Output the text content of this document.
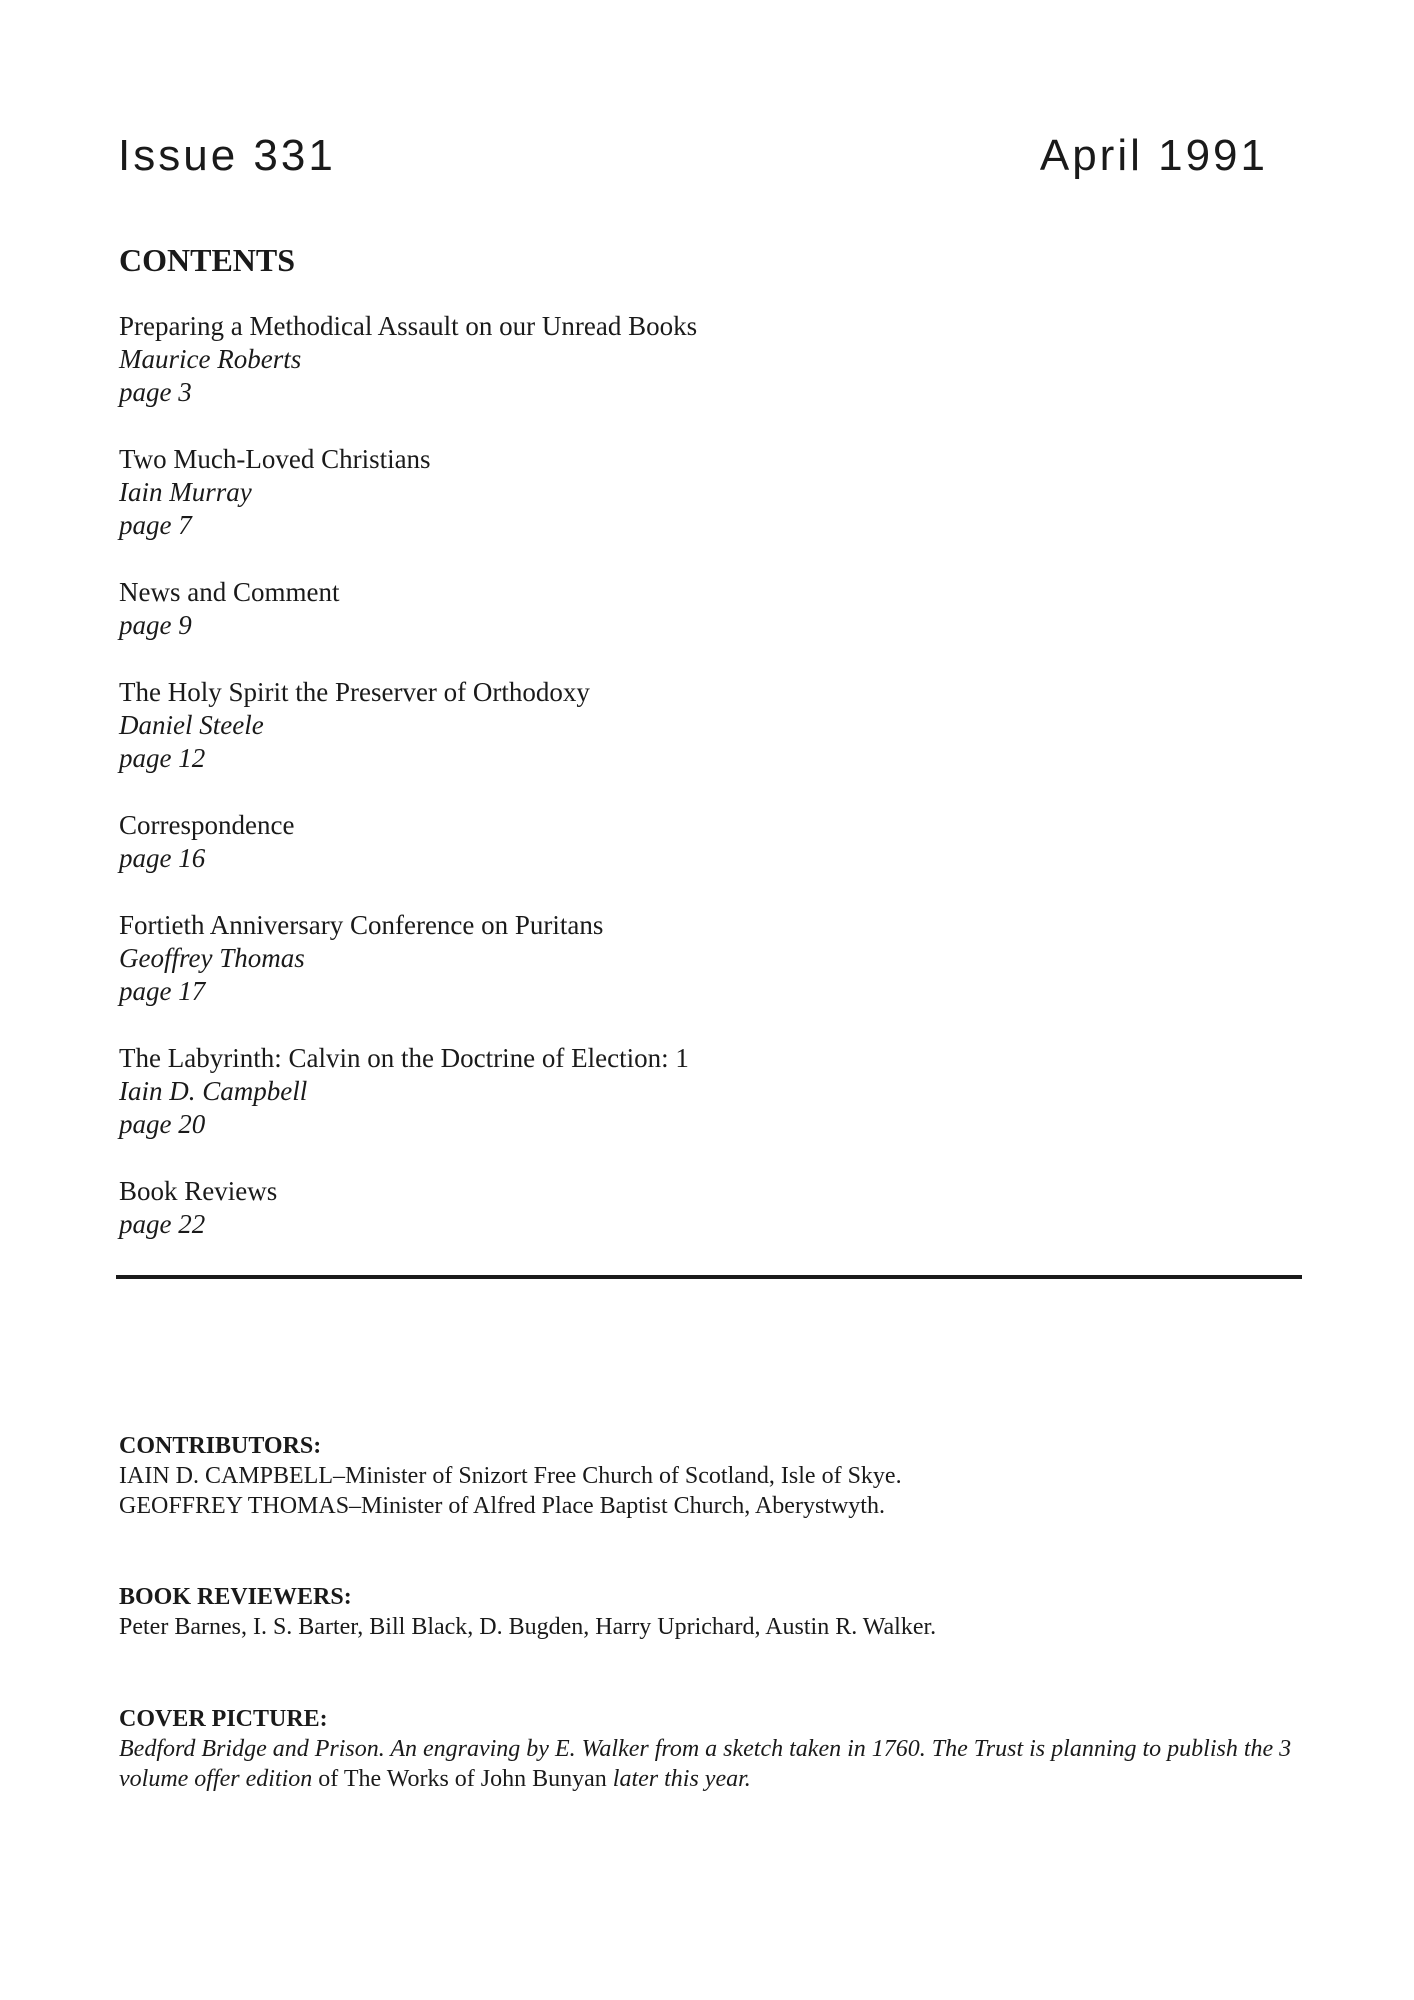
Issue 331	April 1991
CONTENTS
Preparing a Methodical Assault on our Unread Books
Maurice Roberts
page 3
Two Much-Loved Christians
Iain Murray
page 7
News and Comment
page 9
The Holy Spirit the Preserver of Orthodoxy
Daniel Steele
page 12
Correspondence
page 16
Fortieth Anniversary Conference on Puritans
Geoffrey Thomas
page 17
The Labyrinth: Calvin on the Doctrine of Election: 1
Iain D. Campbell
page 20
Book Reviews
page 22
CONTRIBUTORS:
IAIN D. CAMPBELL–Minister of Snizort Free Church of Scotland, Isle of Skye.
GEOFFREY THOMAS–Minister of Alfred Place Baptist Church, Aberystwyth.
BOOK REVIEWERS:
Peter Barnes, I. S. Barter, Bill Black, D. Bugden, Harry Uprichard, Austin R. Walker.
COVER PICTURE:
Bedford Bridge and Prison. An engraving by E. Walker from a sketch taken in 1760. The Trust is planning to publish the 3 volume offer edition of The Works of John Bunyan later this year.
